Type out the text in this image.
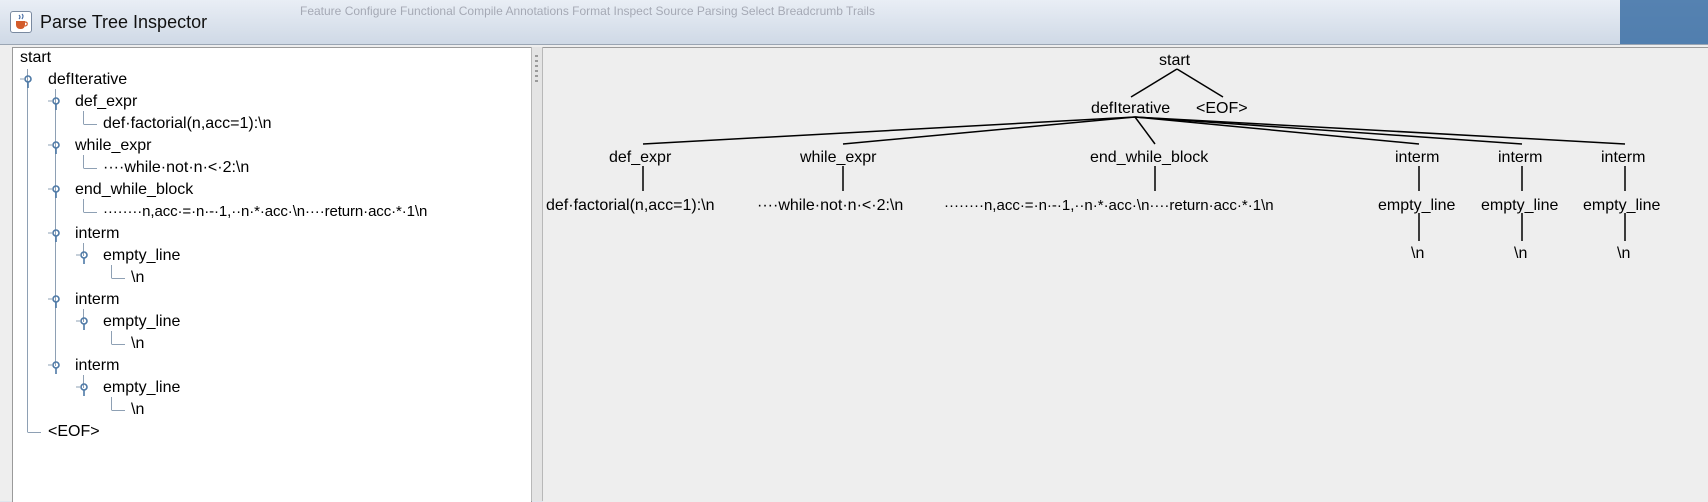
Parse Tree Inspector
Feature Configure Functional Compile Annotations Format Inspect Source Parsing Select Breadcrumb Trails
start
defIterative
def_expr
def·factorial(n,acc=1):\n
while_expr
····while·not·n·<·2:\n
end_while_block
········n,acc·=·n·-·1,··n·*·acc·\n····return·acc·*·1\n
interm
empty_line
\n
interm
empty_line
\n
interm
empty_line
\n
<EOF>
start
defIterative <EOF>
def_expr	while_expr	end_while_block	interm	interm	interm
def·factorial(n,acc=1):\n	····while·not·n·<·2:\n	········n,acc·=·n·-·1,··n·*·acc·\n····return·acc·*·1\n	empty_line empty_line empty_line
\n	\n	\n
